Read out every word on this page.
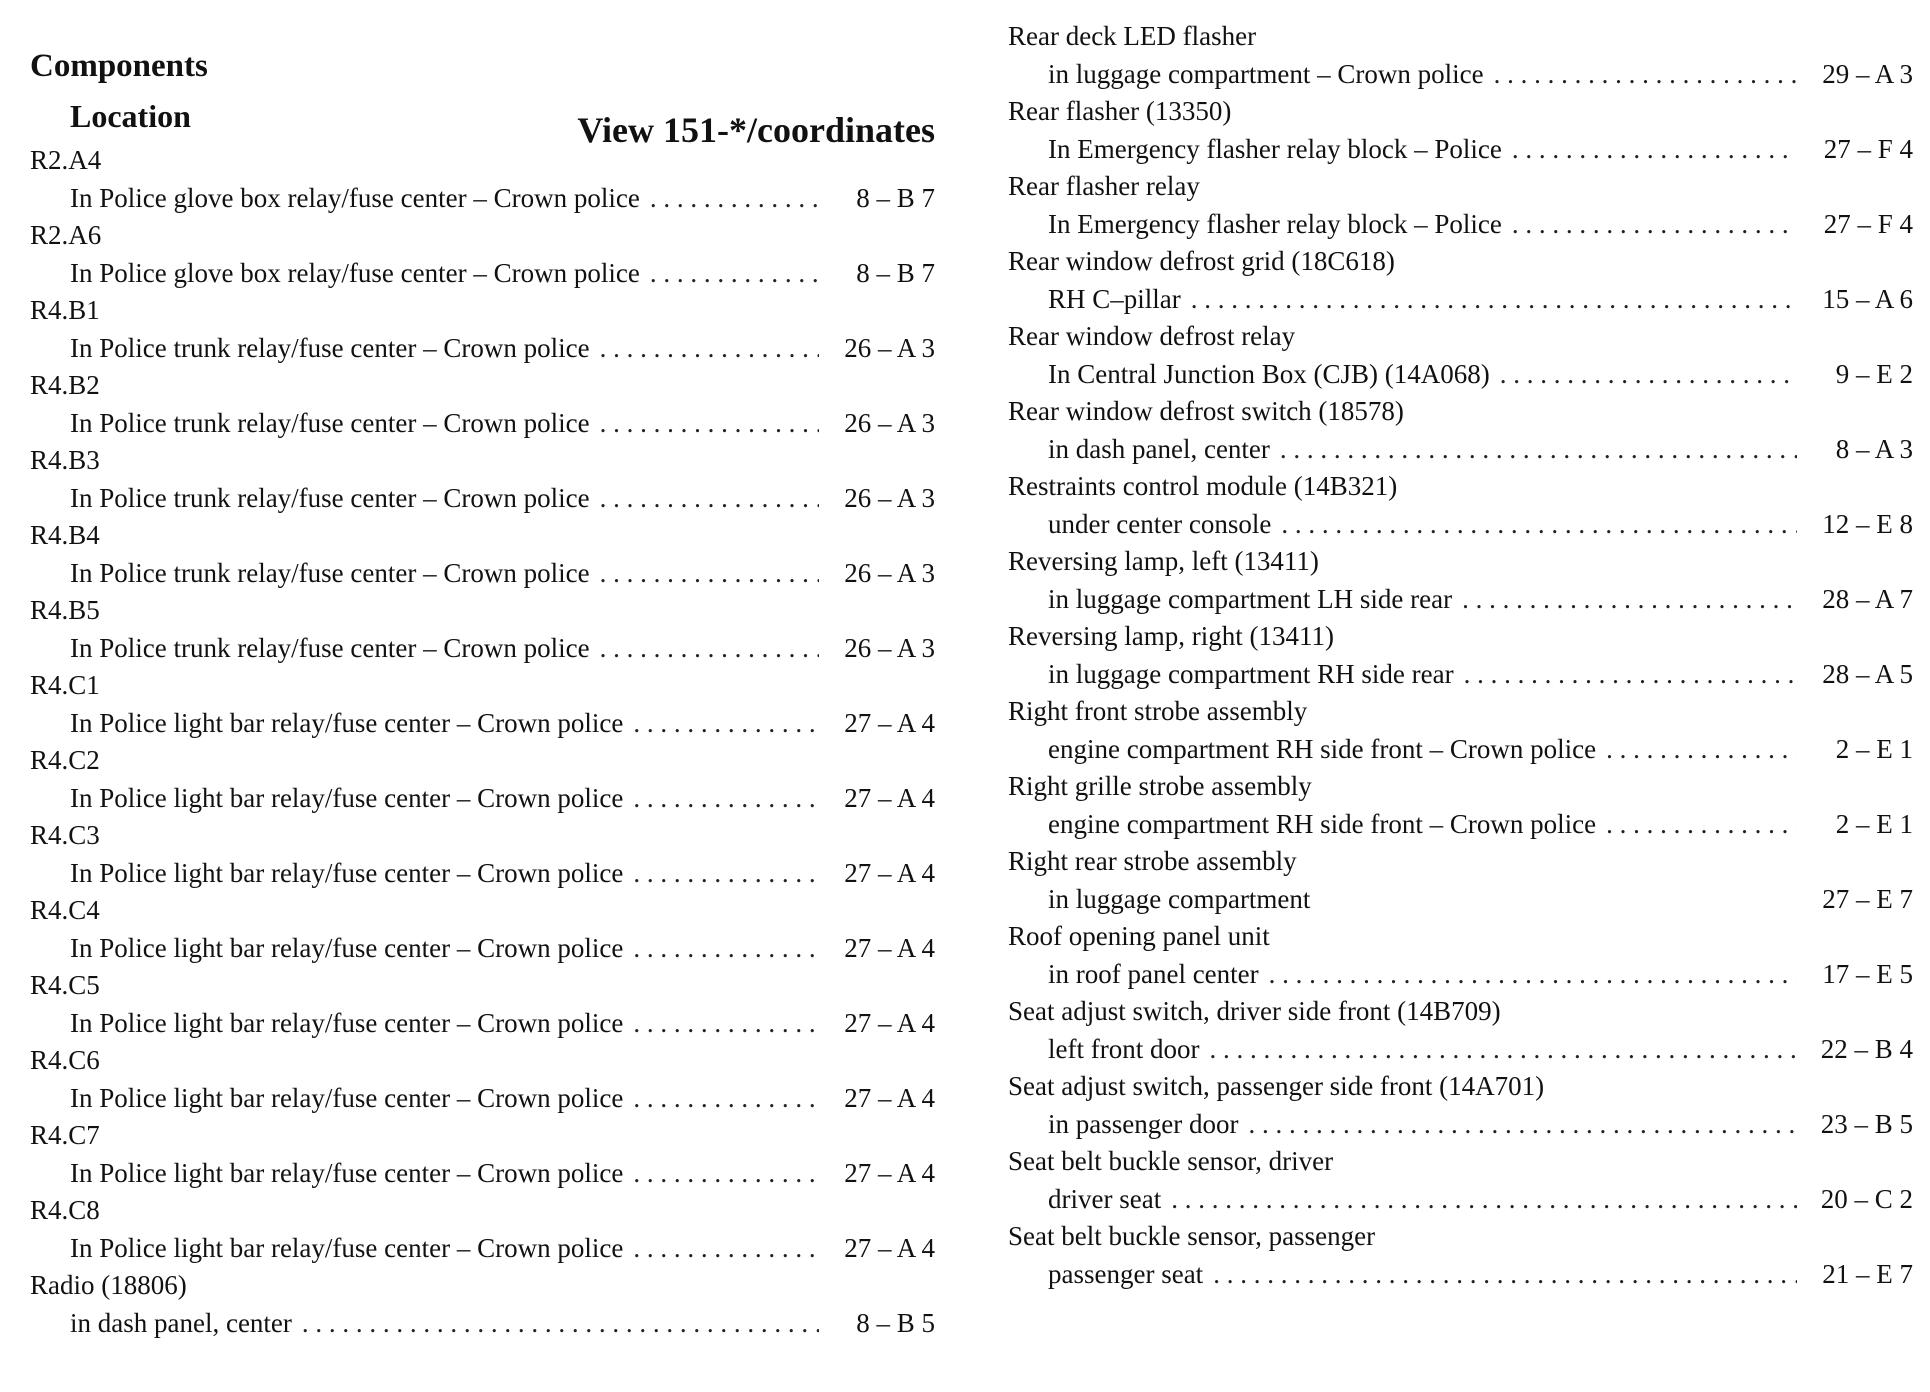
Components
Location	View 151-*/coordinates
R2.A4
In Police glove box relay/fuse center – Crown police . . .	8 – B 7
R2.A6
In Police glove box relay/fuse center – Crown police . . .	8 – B 7
R4.B1
In Police trunk relay/fuse center – Crown police . . .	26 – A 3
R4.B2
In Police trunk relay/fuse center – Crown police . . .	26 – A 3
R4.B3
In Police trunk relay/fuse center – Crown police . . .	26 – A 3
R4.B4
In Police trunk relay/fuse center – Crown police . . .	26 – A 3
R4.B5
In Police trunk relay/fuse center – Crown police . . .	26 – A 3
R4.C1
In Police light bar relay/fuse center – Crown police . . .	27 – A 4
R4.C2
In Police light bar relay/fuse center – Crown police . . .	27 – A 4
R4.C3
In Police light bar relay/fuse center – Crown police . . .	27 – A 4
R4.C4
In Police light bar relay/fuse center – Crown police . . .	27 – A 4
R4.C5
In Police light bar relay/fuse center – Crown police . . .	27 – A 4
R4.C6
In Police light bar relay/fuse center – Crown police . . .	27 – A 4
R4.C7
In Police light bar relay/fuse center – Crown police . . .	27 – A 4
R4.C8
In Police light bar relay/fuse center – Crown police . . .	27 – A 4
Radio (18806)
in dash panel, center . . .	8 – B 5
Rear deck LED flasher
in luggage compartment – Crown police . . .	29 – A 3
Rear flasher (13350)
In Emergency flasher relay block – Police . . .	27 – F 4
Rear flasher relay
In Emergency flasher relay block – Police . . .	27 – F 4
Rear window defrost grid (18C618)
RH C–pillar . . .	15 – A 6
Rear window defrost relay
In Central Junction Box (CJB) (14A068) . . .	9 – E 2
Rear window defrost switch (18578)
in dash panel, center . . .	8 – A 3
Restraints control module (14B321)
under center console . . .	12 – E 8
Reversing lamp, left (13411)
in luggage compartment LH side rear . . .	28 – A 7
Reversing lamp, right (13411)
in luggage compartment RH side rear . . .	28 – A 5
Right front strobe assembly
engine compartment RH side front – Crown police . . .	2 – E 1
Right grille strobe assembly
engine compartment RH side front – Crown police . . .	2 – E 1
Right rear strobe assembly
in luggage compartment	27 – E 7
Roof opening panel unit
in roof panel center . . .	17 – E 5
Seat adjust switch, driver side front (14B709)
left front door . . .	22 – B 4
Seat adjust switch, passenger side front (14A701)
in passenger door . . .	23 – B 5
Seat belt buckle sensor, driver
driver seat . . .	20 – C 2
Seat belt buckle sensor, passenger
passenger seat . . .	21 – E 7
